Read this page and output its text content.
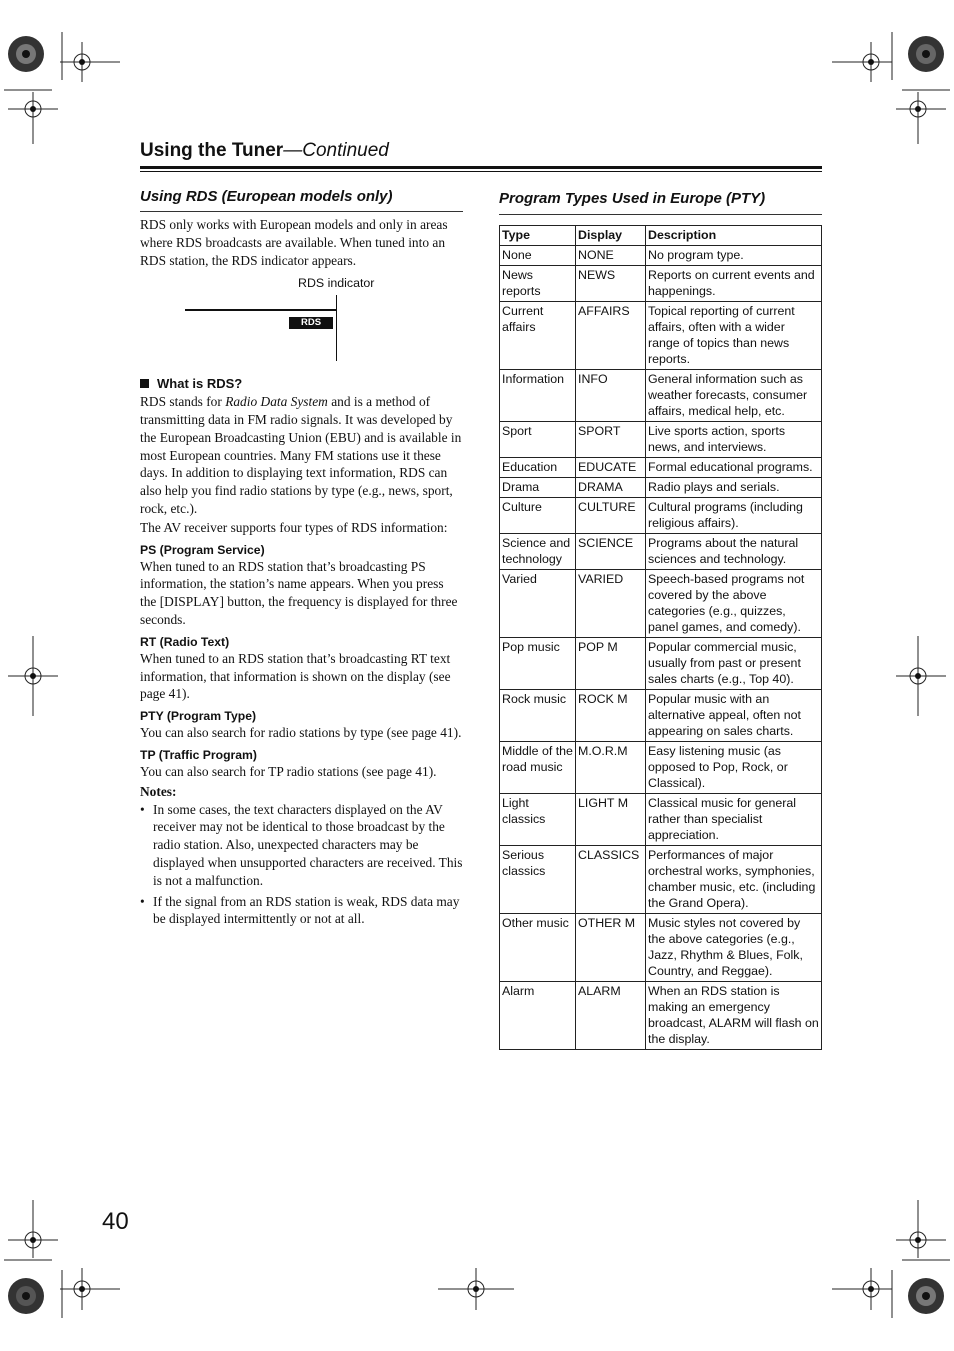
Using the Tuner—Continued
Using RDS (European models only)	Program Types Used in Europe (PTY)

RDS only works with European models and only in areas where RDS broadcasts are available. When tuned into an RDS station, the RDS indicator appears.

RDS indicator
RDS
What is RDS?

RDS stands for Radio Data System and is a method of transmitting data in FM radio signals. It was developed by the European Broadcasting Union (EBU) and is available in most European countries. Many FM stations use it these days. In addition to displaying text information, RDS can also help you find radio stations by type (e.g., news, sport, rock, etc.).

The AV receiver supports four types of RDS information:

PS (Program Service)

When tuned to an RDS station that’s broadcasting PS information, the station’s name appears. When you press the [DISPLAY] button, the frequency is displayed for three seconds.

RT (Radio Text)

When tuned to an RDS station that’s broadcasting RT text information, that information is shown on the display (see page 41).

PTY (Program Type)

You can also search for radio stations by type (see page 41).

TP (Traffic Program)

You can also search for TP radio stations (see page 41).

Notes:

• In some cases, the text characters displayed on the AV receiver may not be identical to those broadcast by the radio station. Also, unexpected characters may be displayed when unsupported characters are received. This is not a malfunction.
• If the signal from an RDS station is weak, RDS data may be displayed intermittently or not at all.
Type	Display	Description
None	NONE	No program type.
News reports	NEWS	Reports on current events and happenings.
Current affairs	AFFAIRS	Topical reporting of current affairs, often with a wider range of topics than news reports.
Information	INFO	General information such as weather forecasts, consumer affairs, medical help, etc.
Sport	SPORT	Live sports action, sports news, and interviews.
Education	EDUCATE	Formal educational programs.
Drama	DRAMA	Radio plays and serials.
Culture	CULTURE	Cultural programs (including religious affairs).
Science and technology	SCIENCE	Programs about the natural sciences and technology.
Varied	VARIED	Speech-based programs not covered by the above categories (e.g., quizzes, panel games, and comedy).
Pop music	POP M	Popular commercial music, usually from past or present sales charts (e.g., Top 40).
Rock music	ROCK M	Popular music with an alternative appeal, often not appearing on sales charts.
Middle of the road music	M.O.R.M	Easy listening music (as opposed to Pop, Rock, or Classical).
Light classics	LIGHT M	Classical music for general rather than specialist appreciation.
Serious classics	CLASSICS	Performances of major orchestral works, symphonies, chamber music, etc. (including the Grand Opera).
Other music	OTHER M	Music styles not covered by the above categories (e.g., Jazz, Rhythm & Blues, Folk, Country, and Reggae).
Alarm	ALARM	When an RDS station is making an emergency broadcast, ALARM will flash on the display.
40
